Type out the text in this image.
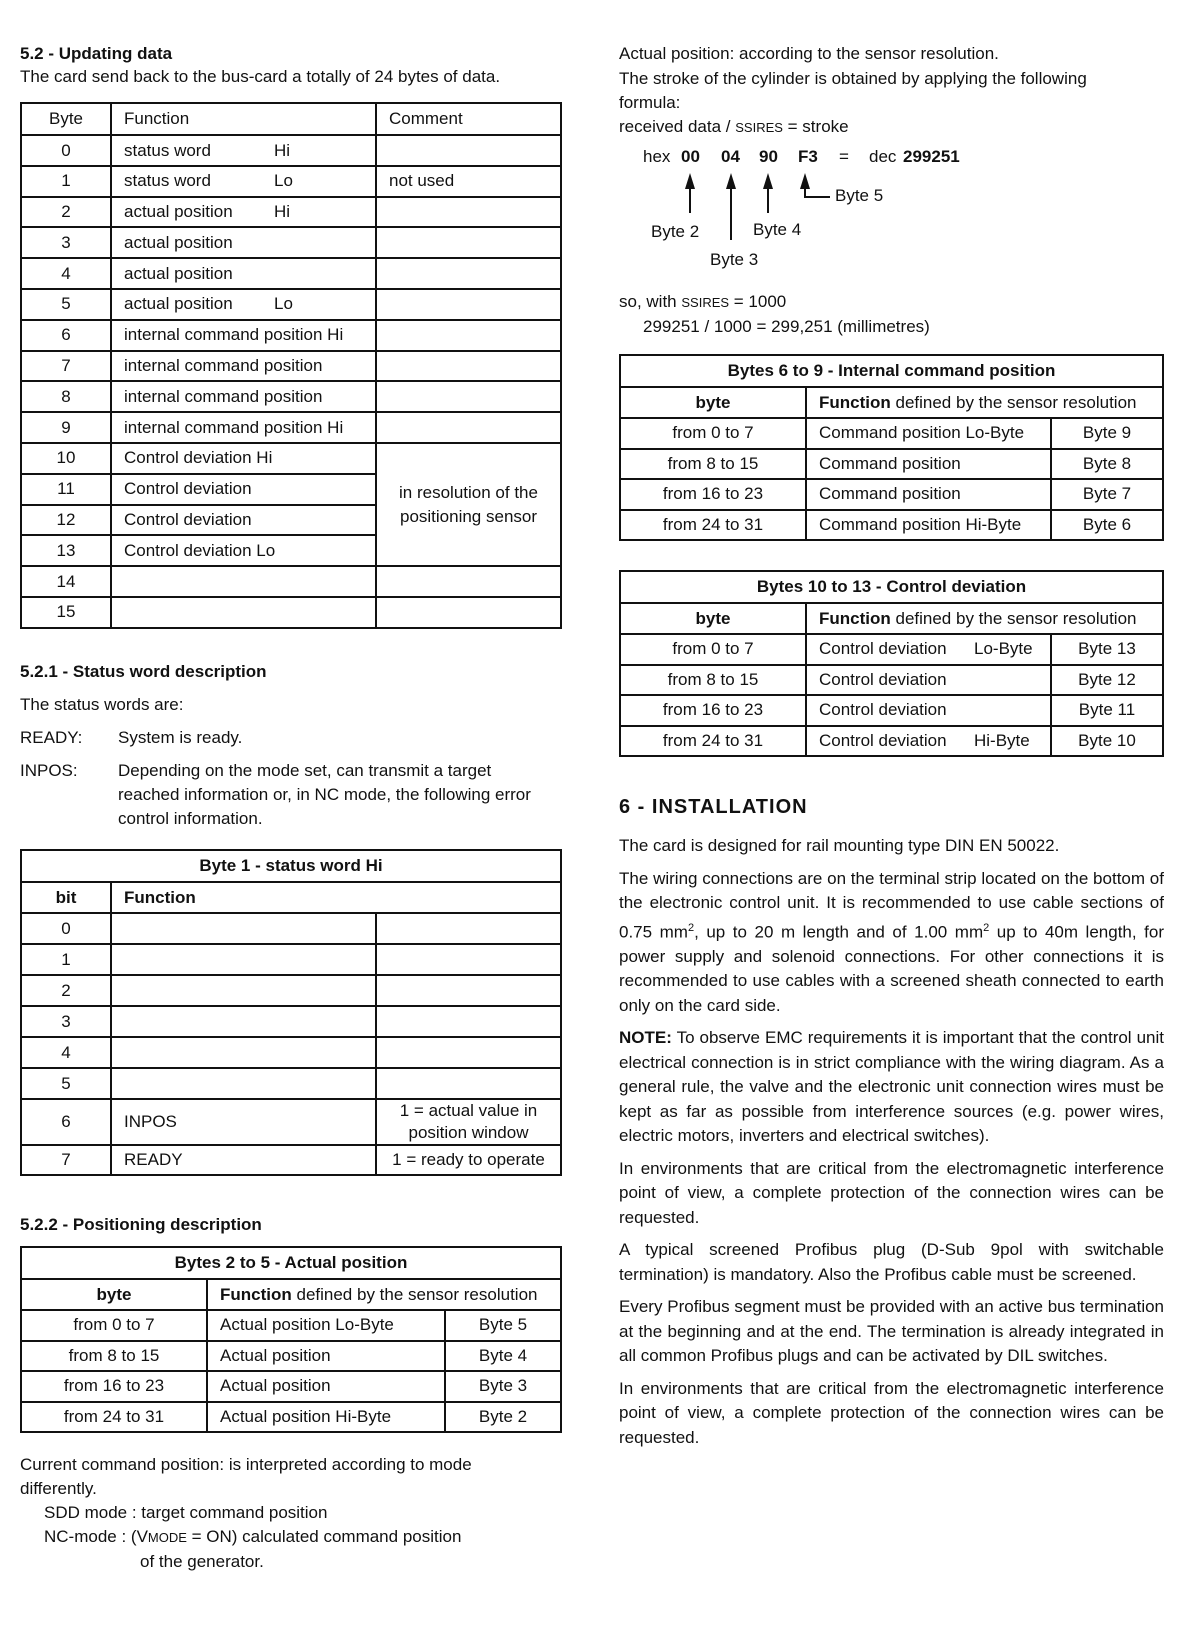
5.2 - Updating data
The card send back to the bus-card a totally of 24 bytes of data.
Byte	Function	Comment
0	status word Hi	
1	status word Lo	not used
2	actual position Hi	
3	actual position	
4	actual position	
5	actual position Lo	
6	internal command position Hi	
7	internal command position	
8	internal command position	
9	internal command position Hi	
10	Control deviation Hi	in resolution of the
positioning sensor

11	Control deviation	
12	Control deviation	
13	Control deviation Lo	
14		
15		
5.2.1 - Status word description
The status words are:
READY: System is ready.
INPOS: Depending on the mode set, can transmit a target
reached information or, in NC mode, the following error
control information.
Byte 1 - status word Hi		
bit	Function	
0		
1		
2		
3		
4		
5		
6	INPOS	1 = actual value in
position window

7	READY	1 = ready to operate
5.2.2 - Positioning description
Bytes 2 to 5 - Actual position		
byte	Function defined by the sensor resolution	
from 0 to 7	Actual position Lo-Byte	Byte 5
from 8 to 15	Actual position	Byte 4
from 16 to 23	Actual position	Byte 3
from 24 to 31	Actual position Hi-Byte	Byte 2
Current command position: is interpreted according to mode
differently.
SDD mode : target command position
NC-mode : (VMODE = ON) calculated command position
of the generator.
Actual position: according to the sensor resolution.
The stroke of the cylinder is obtained by applying the following
formula:
received data / SSIRES = stroke
hex 00 04 90 F3 = dec 299251
Byte 5
Byte 2	Byte 4
Byte 3
so, with SSIRES = 1000
299251 / 1000 = 299,251 (millimetres)
Bytes 6 to 9 - Internal command position		
byte	Function defined by the sensor resolution	
from 0 to 7	Command position Lo-Byte	Byte 9
from 8 to 15	Command position	Byte 8
from 16 to 23	Command position	Byte 7
from 24 to 31	Command position Hi-Byte	Byte 6
Bytes 10 to 13 - Control deviation		
byte	Function defined by the sensor resolution	
from 0 to 7	Control deviation Lo-Byte	Byte 13
from 8 to 15	Control deviation	Byte 12
from 16 to 23	Control deviation	Byte 11
from 24 to 31	Control deviation Hi-Byte	Byte 10
6 - INSTALLATION

The card is designed for rail mounting type DIN EN 50022.

The wiring connections are on the terminal strip located on the bottom of the electronic control unit. It is recommended to use cable sections of 0.75 $mm^2$, up to 20 m length and of 1.00 $mm^2$ up to 40m length, for power supply and solenoid connections. For other connections it is recommended to use cables with a screened sheath connected to earth only on the card side.

NOTE: To observe EMC requirements it is important that the control unit electrical connection is in strict compliance with the wiring diagram. As a general rule, the valve and the electronic unit connection wires must be kept as far as possible from interference sources (e.g. power wires, electric motors, inverters and electrical switches).

In environments that are critical from the electromagnetic interference point of view, a complete protection of the connection wires can be requested.

A typical screened Profibus plug (D-Sub 9pol with switchable termination) is mandatory. Also the Profibus cable must be screened.

Every Profibus segment must be provided with an active bus termination at the beginning and at the end. The termination is already integrated in all common Profibus plugs and can be activated by DIL switches.

In environments that are critical from the electromagnetic interference point of view, a complete protection of the connection wires can be requested.
